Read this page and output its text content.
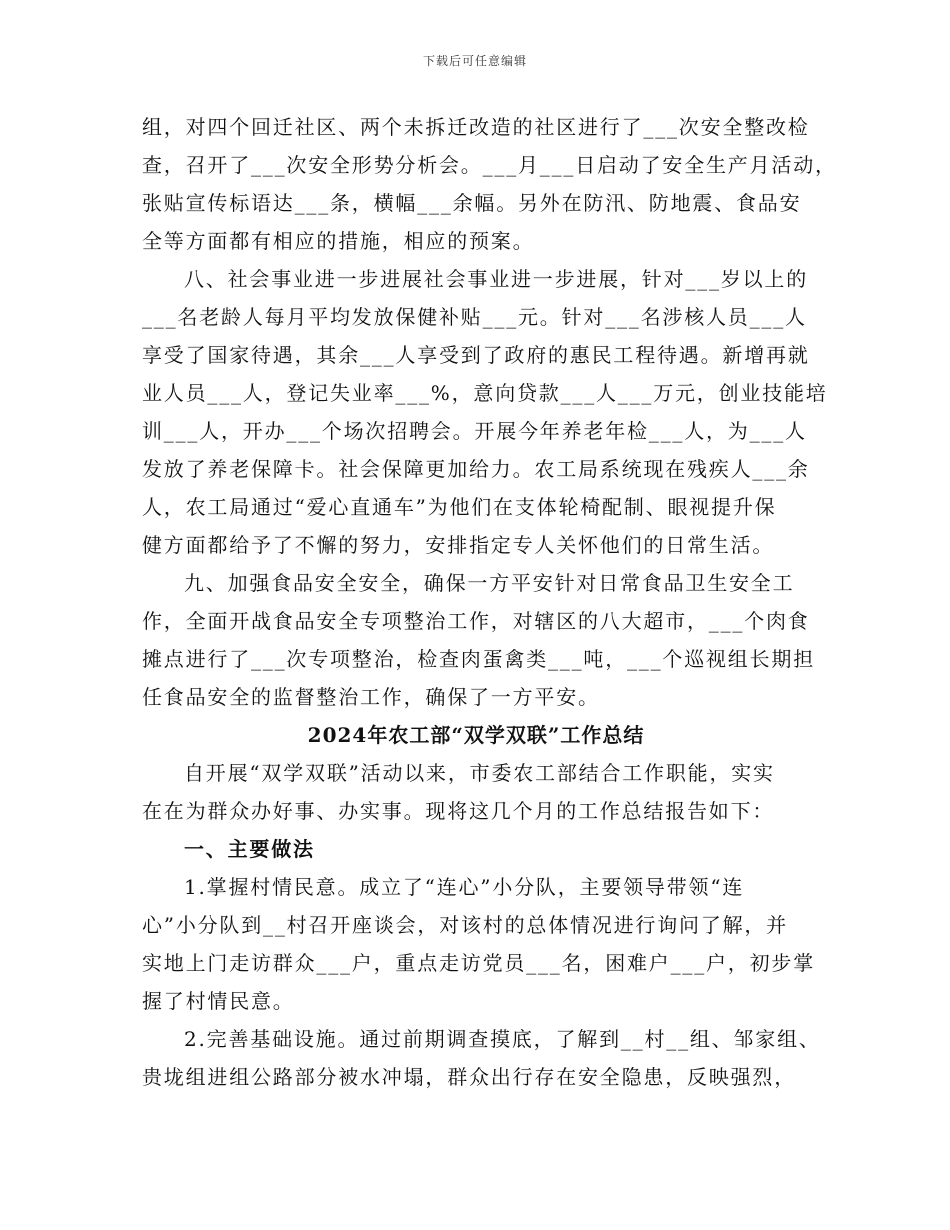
下载后可任意编辑
组，对四个回迁社区、两个未拆迁改造的社区进行了___次安全整改检
查，召开了___次安全形势分析会。___月___日启动了安全生产月活动，
张贴宣传标语达___条，横幅___余幅。另外在防汛、防地震、食品安
全等方面都有相应的措施，相应的预案。
八、社会事业进一步进展社会事业进一步进展，针对___岁以上的
___名老龄人每月平均发放保健补贴___元。针对___名涉核人员___人
享受了国家待遇，其余___人享受到了政府的惠民工程待遇。新增再就
业人员___人，登记失业率___%，意向贷款___人___万元，创业技能培
训___人，开办___个场次招聘会。开展今年养老年检___人，为___人
发放了养老保障卡。社会保障更加给力。农工局系统现在残疾人___余
人，农工局通过“爱心直通车”为他们在支体轮椅配制、眼视提升保
健方面都给予了不懈的努力，安排指定专人关怀他们的日常生活。
九、加强食品安全安全，确保一方平安针对日常食品卫生安全工
作，全面开战食品安全专项整治工作，对辖区的八大超市，___个肉食
摊点进行了___次专项整治，检查肉蛋禽类___吨，___个巡视组长期担
任食品安全的监督整治工作，确保了一方平安。
2024年农工部“双学双联”工作总结
自开展“双学双联”活动以来，市委农工部结合工作职能，实实
在在为群众办好事、办实事。现将这几个月的工作总结报告如下：
一、主要做法
1.掌握村情民意。成立了“连心”小分队，主要领导带领“连
心”小分队到__村召开座谈会，对该村的总体情况进行询问了解，并
实地上门走访群众___户，重点走访党员___名，困难户___户，初步掌
握了村情民意。
2.完善基础设施。通过前期调查摸底，了解到__村__组、邹家组、
贵垅组进组公路部分被水冲塌，群众出行存在安全隐患，反映强烈，
